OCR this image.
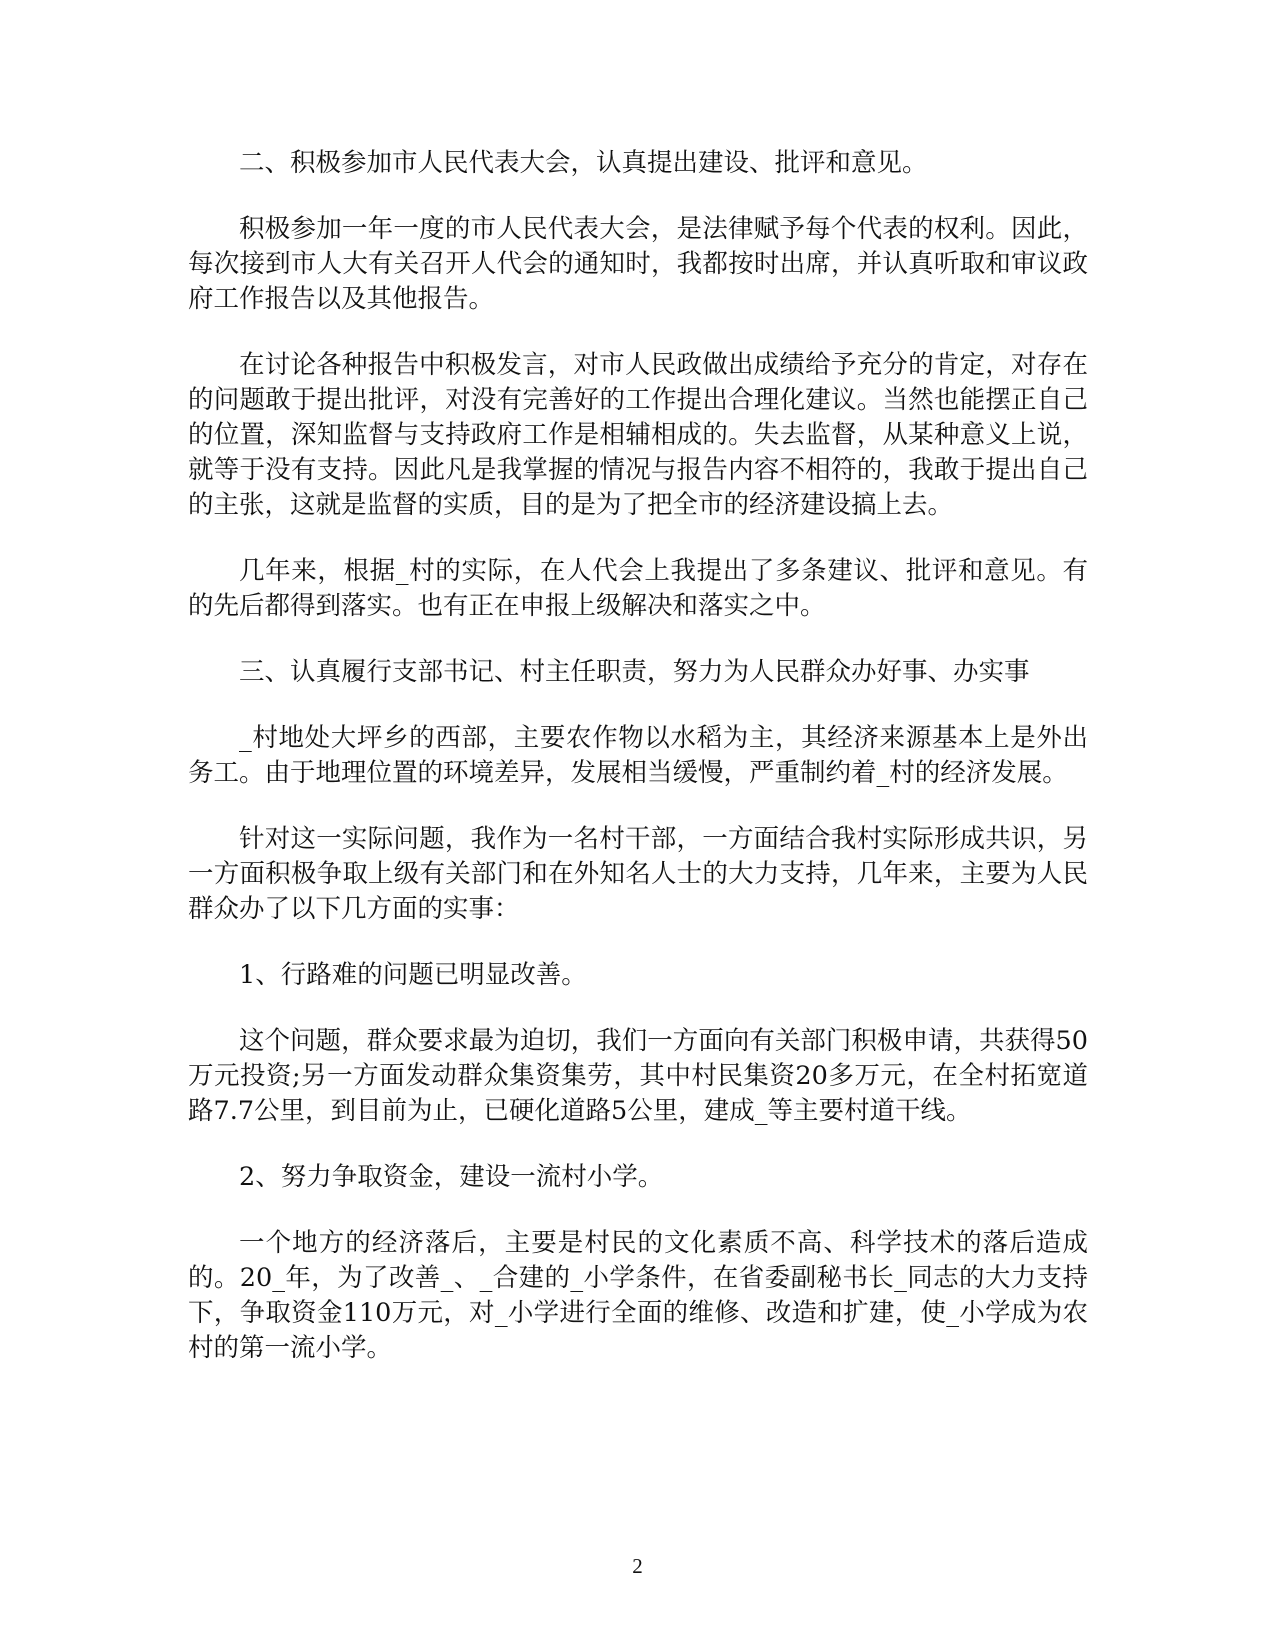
二、积极参加市人民代表大会，认真提出建设、批评和意见。

积极参加一年一度的市人民代表大会，是法律赋予每个代表的权利。因此，每次接到市人大有关召开人代会的通知时，我都按时出席，并认真听取和审议政府工作报告以及其他报告。

在讨论各种报告中积极发言，对市人民政做出成绩给予充分的肯定，对存在的问题敢于提出批评，对没有完善好的工作提出合理化建议。当然也能摆正自己的位置，深知监督与支持政府工作是相辅相成的。失去监督，从某种意义上说，就等于没有支持。因此凡是我掌握的情况与报告内容不相符的，我敢于提出自己的主张，这就是监督的实质，目的是为了把全市的经济建设搞上去。

几年来，根据_村的实际，在人代会上我提出了多条建议、批评和意见。有的先后都得到落实。也有正在申报上级解决和落实之中。

三、认真履行支部书记、村主任职责，努力为人民群众办好事、办实事

_村地处大坪乡的西部，主要农作物以水稻为主，其经济来源基本上是外出务工。由于地理位置的环境差异，发展相当缓慢，严重制约着_村的经济发展。

针对这一实际问题，我作为一名村干部，一方面结合我村实际形成共识，另一方面积极争取上级有关部门和在外知名人士的大力支持，几年来，主要为人民群众办了以下几方面的实事：

1、行路难的问题已明显改善。

这个问题，群众要求最为迫切，我们一方面向有关部门积极申请，共获得50万元投资;另一方面发动群众集资集劳，其中村民集资20多万元，在全村拓宽道路7.7公里，到目前为止，已硬化道路5公里，建成_等主要村道干线。

2、努力争取资金，建设一流村小学。

一个地方的经济落后，主要是村民的文化素质不高、科学技术的落后造成的。20_年，为了改善_、_合建的_小学条件，在省委副秘书长_同志的大力支持下，争取资金110万元，对_小学进行全面的维修、改造和扩建，使_小学成为农村的第一流小学。

2
